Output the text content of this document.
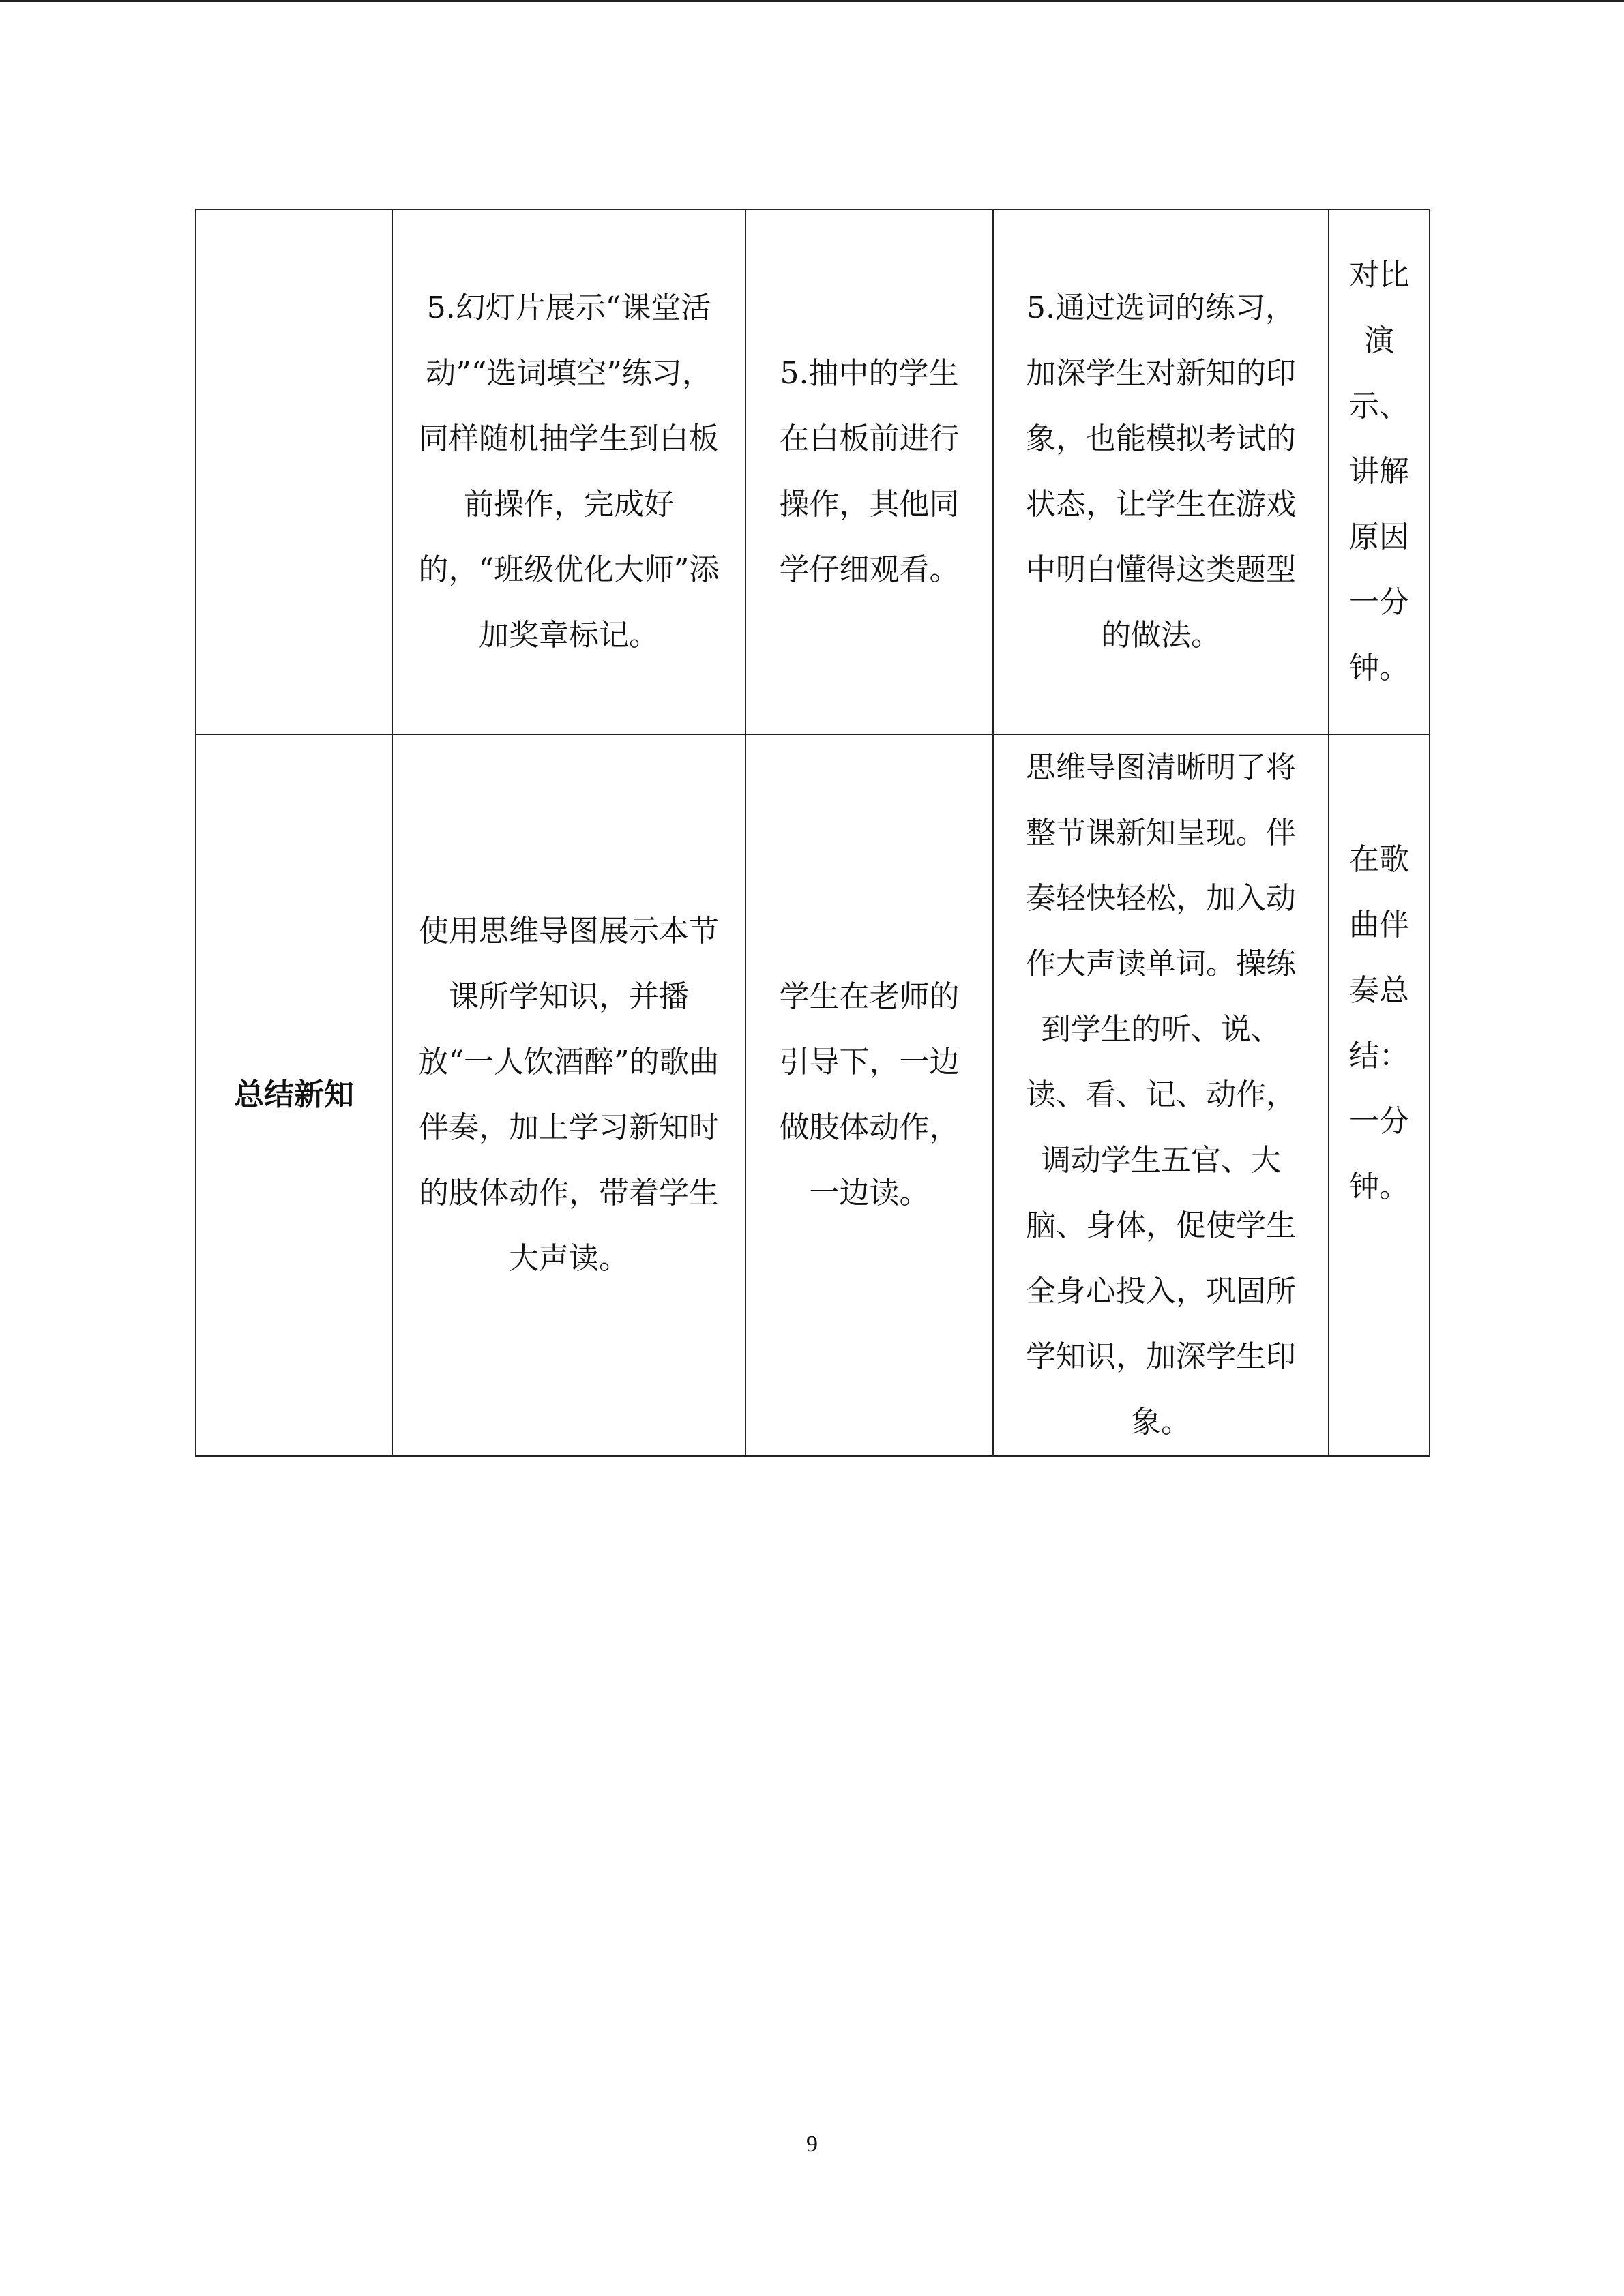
	5.幻灯片展示“课堂活动”“选词填空”练习，同样随机抽学生到白板前操作，完成好的，“班级优化大师”添加奖章标记。	5.抽中的学生在白板前进行操作，其他同学仔细观看。	5.通过选词的练习，加深学生对新知的印象，也能模拟考试的状态，让学生在游戏中明白懂得这类题型的做法。	对比演示、讲解原因一分钟。
总结新知	使用思维导图展示本节课所学知识，并播放“一人饮酒醉”的歌曲伴奏，加上学习新知时的肢体动作，带着学生大声读。	学生在老师的引导下，一边做肢体动作，一边读。	思维导图清晰明了将整节课新知呈现。伴奏轻快轻松，加入动作大声读单词。操练到学生的听、说、读、看、记、动作，调动学生五官、大脑、身体，促使学生全身心投入，巩固所学知识，加深学生印象。	在歌曲伴奏总结：一分钟。
9
